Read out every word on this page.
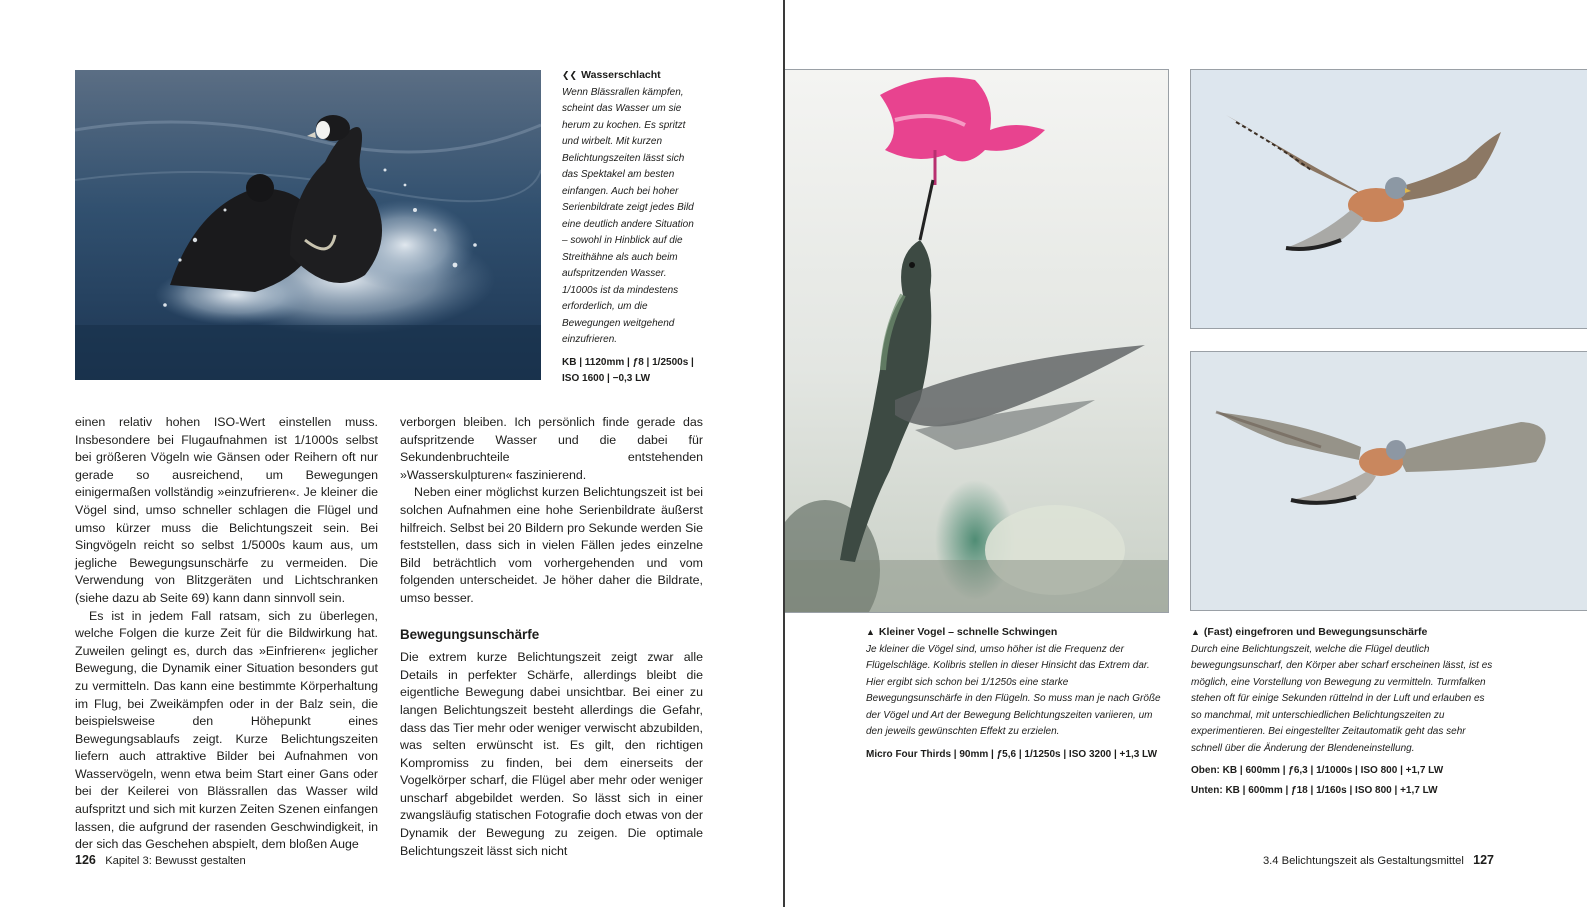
❮❮ Wasserschlacht
Wenn Blässrallen kämpfen, scheint das Wasser um sie herum zu kochen. Es spritzt und wirbelt. Mit kurzen Belichtungszeiten lässt sich das Spektakel am besten einfangen. Auch bei hoher Serienbildrate zeigt jedes Bild eine deutlich andere Situation – sowohl in Hinblick auf die Streithähne als auch beim aufspritzenden Wasser. 1/1000s ist da mindestens erforderlich, um die Bewegungen weitgehend einzufrieren.
KB | 1120mm | ƒ8 | 1/2500s | ISO 1600 | −0,3 LW

einen relativ hohen ISO-Wert einstellen muss. Insbesondere bei Flugaufnahmen ist 1/1000s selbst bei größeren Vögeln wie Gänsen oder Reihern oft nur gerade so ausreichend, um Bewegungen einigermaßen vollständig »einzufrieren«. Je kleiner die Vögel sind, umso schneller schlagen die Flügel und umso kürzer muss die Belichtungszeit sein. Bei Singvögeln reicht so selbst 1/5000s kaum aus, um jegliche Bewegungsunschärfe zu vermeiden. Die Verwendung von Blitzgeräten und Lichtschranken (siehe dazu ab Seite 69) kann dann sinnvoll sein.

Es ist in jedem Fall ratsam, sich zu überlegen, welche Folgen die kurze Zeit für die Bildwirkung hat. Zuweilen gelingt es, durch das »Einfrieren« jeglicher Bewegung, die Dynamik einer Situation besonders gut zu vermitteln. Das kann eine bestimmte Körperhaltung im Flug, bei Zweikämpfen oder in der Balz sein, die beispielsweise den Höhepunkt eines Bewegungsablaufs zeigt. Kurze Belichtungszeiten liefern auch attraktive Bilder bei Aufnahmen von Wasservögeln, wenn etwa beim Start einer Gans oder bei der Keilerei von Blässrallen das Wasser wild aufspritzt und sich mit kurzen Zeiten Szenen einfangen lassen, die aufgrund der rasenden Geschwindigkeit, in der sich das Geschehen abspielt, dem bloßen Auge

verborgen bleiben. Ich persönlich finde gerade das aufspritzende Wasser und die dabei für Sekundenbruchteile entstehenden »Wasserskulpturen« faszinierend.

Neben einer möglichst kurzen Belichtungszeit ist bei solchen Aufnahmen eine hohe Serienbildrate äußerst hilfreich. Selbst bei 20 Bildern pro Sekunde werden Sie feststellen, dass sich in vielen Fällen jedes einzelne Bild beträchtlich vom vorhergehenden und vom folgenden unterscheidet. Je höher daher die Bildrate, umso besser.

Bewegungsunschärfe

Die extrem kurze Belichtungszeit zeigt zwar alle Details in perfekter Schärfe, allerdings bleibt die eigentliche Bewegung dabei unsichtbar. Bei einer zu langen Belichtungszeit besteht allerdings die Gefahr, dass das Tier mehr oder weniger verwischt abzubilden, was selten erwünscht ist. Es gilt, den richtigen Kompromiss zu finden, bei dem einerseits der Vogelkörper scharf, die Flügel aber mehr oder weniger unscharf abgebildet werden. So lässt sich in einer zwangsläufig statischen Fotografie doch etwas von der Dynamik der Bewegung zu zeigen. Die optimale Belichtungszeit lässt sich nicht

126 Kapitel 3: Bewusst gestalten
▲ Kleiner Vogel – schnelle Schwingen
Je kleiner die Vögel sind, umso höher ist die Frequenz der Flügelschläge. Kolibris stellen in dieser Hinsicht das Extrem dar. Hier ergibt sich schon bei 1/1250s eine starke Bewegungsunschärfe in den Flügeln. So muss man je nach Größe der Vögel und Art der Bewegung Belichtungszeiten variieren, um den jeweils gewünschten Effekt zu erzielen.
Micro Four Thirds | 90mm | ƒ5,6 | 1/1250s | ISO 3200 | +1,3 LW
▲ (Fast) eingefroren und Bewegungsunschärfe
Durch eine Belichtungszeit, welche die Flügel deutlich bewegungsunscharf, den Körper aber scharf erscheinen lässt, ist es möglich, eine Vorstellung von Bewegung zu vermitteln. Turmfalken stehen oft für einige Sekunden rüttelnd in der Luft und erlauben es so manchmal, mit unterschiedlichen Belichtungszeiten zu experimentieren. Bei eingestellter Zeitautomatik geht das sehr schnell über die Änderung der Blendeneinstellung.
Oben: KB | 600mm | ƒ6,3 | 1/1000s | ISO 800 | +1,7 LW
Unten: KB | 600mm | ƒ18 | 1/160s | ISO 800 | +1,7 LW
3.4 Belichtungszeit als Gestaltungsmittel 127
